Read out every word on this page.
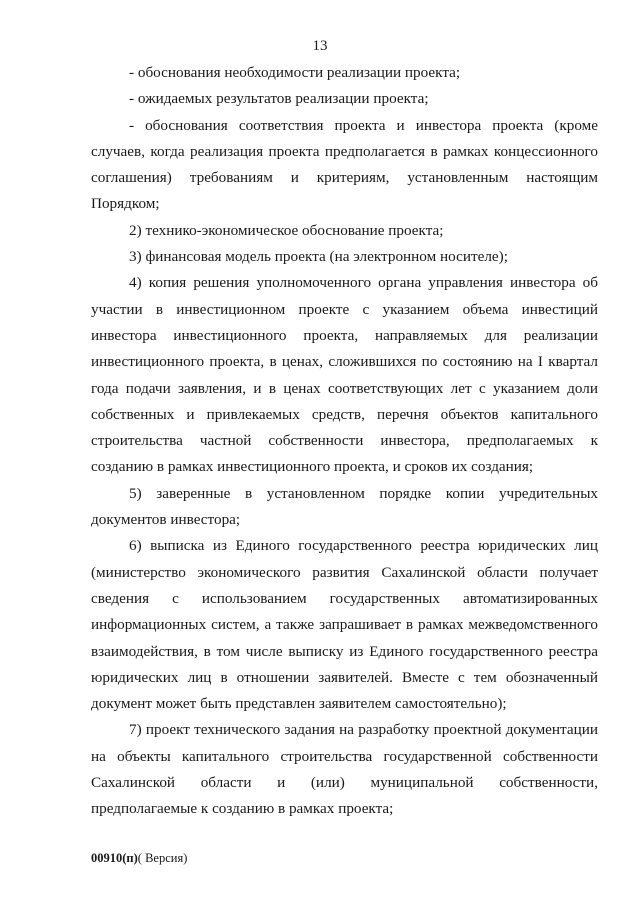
13

- обоснования необходимости реализации проекта;

- ожидаемых результатов реализации проекта;

- обоснования соответствия проекта и инвестора проекта (кроме случаев, когда реализация проекта предполагается в рамках концессионного соглашения) требованиям и критериям, установленным настоящим Порядком;

2) технико-экономическое обоснование проекта;

3) финансовая модель проекта (на электронном носителе);

4) копия решения уполномоченного органа управления инвестора об участии в инвестиционном проекте с указанием объема инвестиций инвестора инвестиционного проекта, направляемых для реализации инвестиционного проекта, в ценах, сложившихся по состоянию на I квартал года подачи заявления, и в ценах соответствующих лет с указанием доли собственных и привлекаемых средств, перечня объектов капитального строительства частной собственности инвестора, предполагаемых к созданию в рамках инвестиционного проекта, и сроков их создания;

5) заверенные в установленном порядке копии учредительных документов инвестора;

6) выписка из Единого государственного реестра юридических лиц (министерство экономического развития Сахалинской области получает сведения с использованием государственных автоматизированных информационных систем, а также запрашивает в рамках межведомственного взаимодействия, в том числе выписку из Единого государственного реестра юридических лиц в отношении заявителей. Вместе с тем обозначенный документ может быть представлен заявителем самостоятельно);

7) проект технического задания на разработку проектной документации на объекты капитального строительства государственной собственности Сахалинской области и (или) муниципальной собственности, предполагаемые к созданию в рамках проекта;

00910(п)( Версия)
